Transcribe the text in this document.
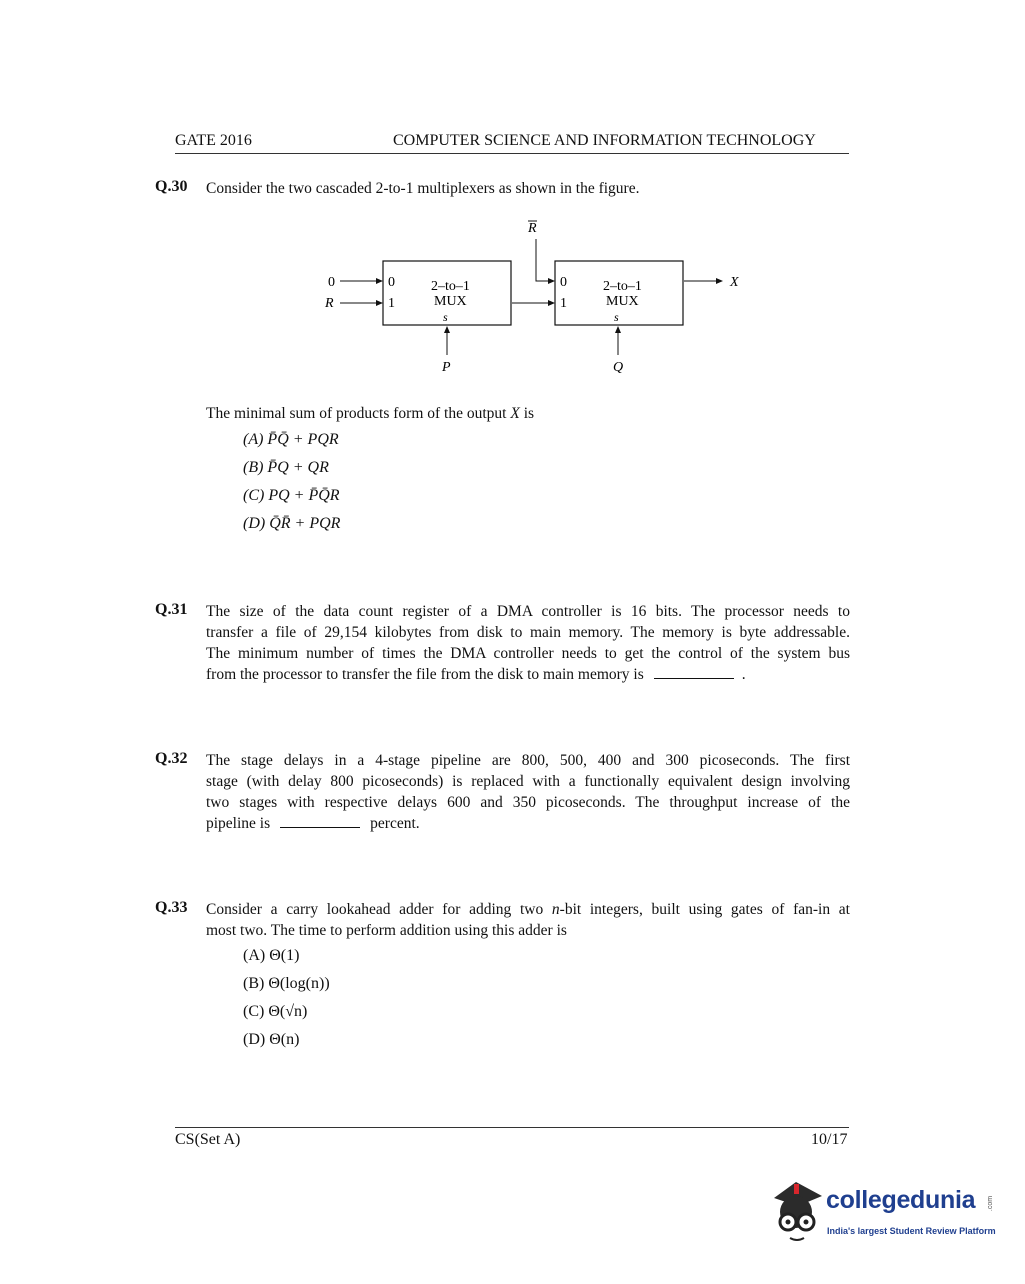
GATE 2016	COMPUTER SCIENCE AND INFORMATION TECHNOLOGY
Q.30 Consider the two cascaded 2-to-1 multiplexers as shown in the figure.
R
2–to–1
MUX
0
1
s
0
R
P
2–to–1
MUX
0
1
s
Q
X
The minimal sum of products form of the output X is
(A) P̄Q̄ + PQR
(B) P̄Q + QR
(C) PQ + P̄Q̄R
(D) Q̄R̄ + PQR
Q.31 The size of the data count register of a DMA controller is 16 bits. The processor needs to
transfer a file of 29,154 kilobytes from disk to main memory. The memory is byte addressable.
The minimum number of times the DMA controller needs to get the control of the system bus
from the processor to transfer the file from the disk to main memory is	.
Q.32 The stage delays in a 4-stage pipeline are 800, 500, 400 and 300 picoseconds. The first
stage (with delay 800 picoseconds) is replaced with a functionally equivalent design involving
two stages with respective delays 600 and 350 picoseconds. The throughput increase of the
pipeline is	percent.
Q.33 Consider a carry lookahead adder for adding two n-bit integers, built using gates of fan-in at
most two. The time to perform addition using this adder is
(A) Θ(1)
(B) Θ(log(n))
(C) Θ(√n)
(D) Θ(n)
CS(Set A)	10/17
collegedunia .com
India's largest Student Review Platform
